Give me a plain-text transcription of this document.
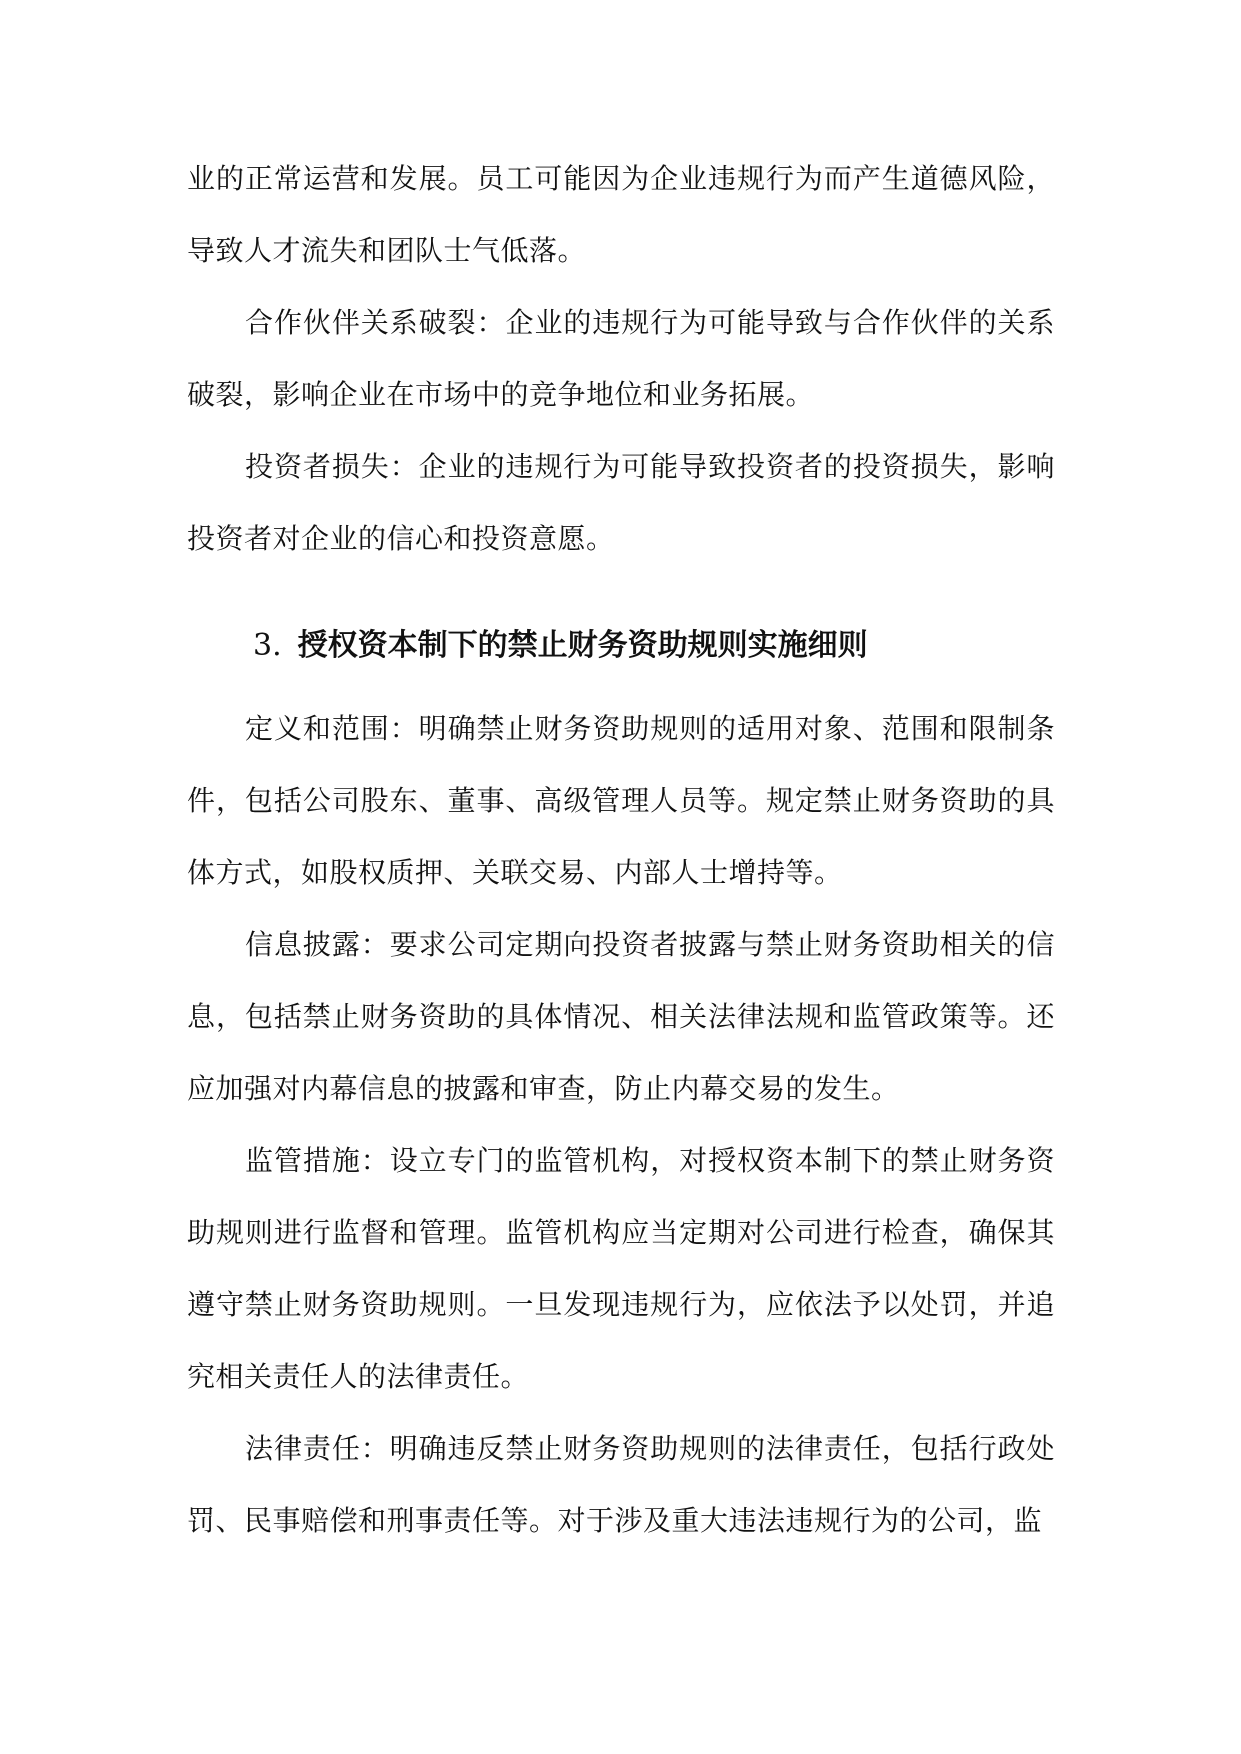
业的正常运营和发展。员工可能因为企业违规行为而产生道德风险，导致人才流失和团队士气低落。

合作伙伴关系破裂：企业的违规行为可能导致与合作伙伴的关系破裂，影响企业在市场中的竞争地位和业务拓展。

投资者损失：企业的违规行为可能导致投资者的投资损失，影响投资者对企业的信心和投资意愿。

3. 授权资本制下的禁止财务资助规则实施细则

定义和范围：明确禁止财务资助规则的适用对象、范围和限制条件，包括公司股东、董事、高级管理人员等。规定禁止财务资助的具体方式，如股权质押、关联交易、内部人士增持等。

信息披露：要求公司定期向投资者披露与禁止财务资助相关的信息，包括禁止财务资助的具体情况、相关法律法规和监管政策等。还应加强对内幕信息的披露和审查，防止内幕交易的发生。

监管措施：设立专门的监管机构，对授权资本制下的禁止财务资助规则进行监督和管理。监管机构应当定期对公司进行检查，确保其遵守禁止财务资助规则。一旦发现违规行为，应依法予以处罚，并追究相关责任人的法律责任。

法律责任：明确违反禁止财务资助规则的法律责任，包括行政处罚、民事赔偿和刑事责任等。对于涉及重大违法违规行为的公司，监
